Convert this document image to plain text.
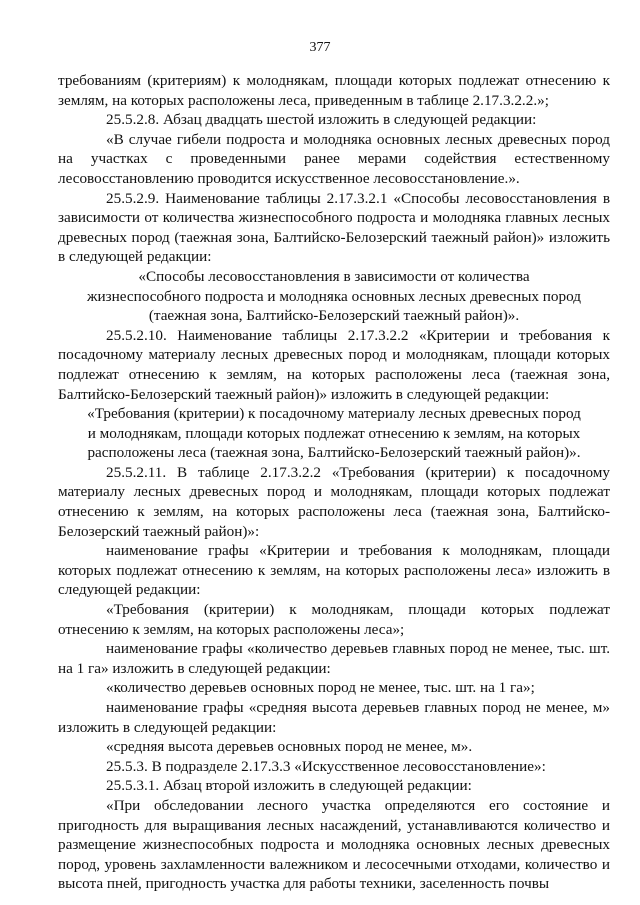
377

требованиям (критериям) к молоднякам, площади которых подлежат отнесению к землям, на которых расположены леса, приведенным в таблице 2.17.3.2.2.»;

25.5.2.8. Абзац двадцать шестой изложить в следующей редакции:

«В случае гибели подроста и молодняка основных лесных древесных пород на участках с проведенными ранее мерами содействия естественному лесовосстановлению проводится искусственное лесовосстановление.».

25.5.2.9. Наименование таблицы 2.17.3.2.1 «Способы лесовосстановления в зависимости от количества жизнеспособного подроста и молодняка главных лесных древесных пород (таежная зона, Балтийско-Белозерский таежный район)» изложить в следующей редакции:

«Способы лесовосстановления в зависимости от количества жизнеспособного подроста и молодняка основных лесных древесных пород (таежная зона, Балтийско-Белозерский таежный район)».

25.5.2.10. Наименование таблицы 2.17.3.2.2 «Критерии и требования к посадочному материалу лесных древесных пород и молоднякам, площади которых подлежат отнесению к землям, на которых расположены леса (таежная зона, Балтийско-Белозерский таежный район)» изложить в следующей редакции:

«Требования (критерии) к посадочному материалу лесных древесных пород и молоднякам, площади которых подлежат отнесению к землям, на которых расположены леса (таежная зона, Балтийско-Белозерский таежный район)».

25.5.2.11. В таблице 2.17.3.2.2 «Требования (критерии) к посадочному материалу лесных древесных пород и молоднякам, площади которых подлежат отнесению к землям, на которых расположены леса (таежная зона, Балтийско-Белозерский таежный район)»:

наименование графы «Критерии и требования к молоднякам, площади которых подлежат отнесению к землям, на которых расположены леса» изложить в следующей редакции:

«Требования (критерии) к молоднякам, площади которых подлежат отнесению к землям, на которых расположены леса»;

наименование графы «количество деревьев главных пород не менее, тыс. шт. на 1 га» изложить в следующей редакции:

«количество деревьев основных пород не менее, тыс. шт. на 1 га»;

наименование графы «средняя высота деревьев главных пород не менее, м» изложить в следующей редакции:

«средняя высота деревьев основных пород не менее, м».

25.5.3. В подразделе 2.17.3.3 «Искусственное лесовосстановление»:

25.5.3.1. Абзац второй изложить в следующей редакции:

«При обследовании лесного участка определяются его состояние и пригодность для выращивания лесных насаждений, устанавливаются количество и размещение жизнеспособных подроста и молодняка основных лесных древесных пород, уровень захламленности валежником и лесосечными отходами, количество и высота пней, пригодность участка для работы техники, заселенность почвы
